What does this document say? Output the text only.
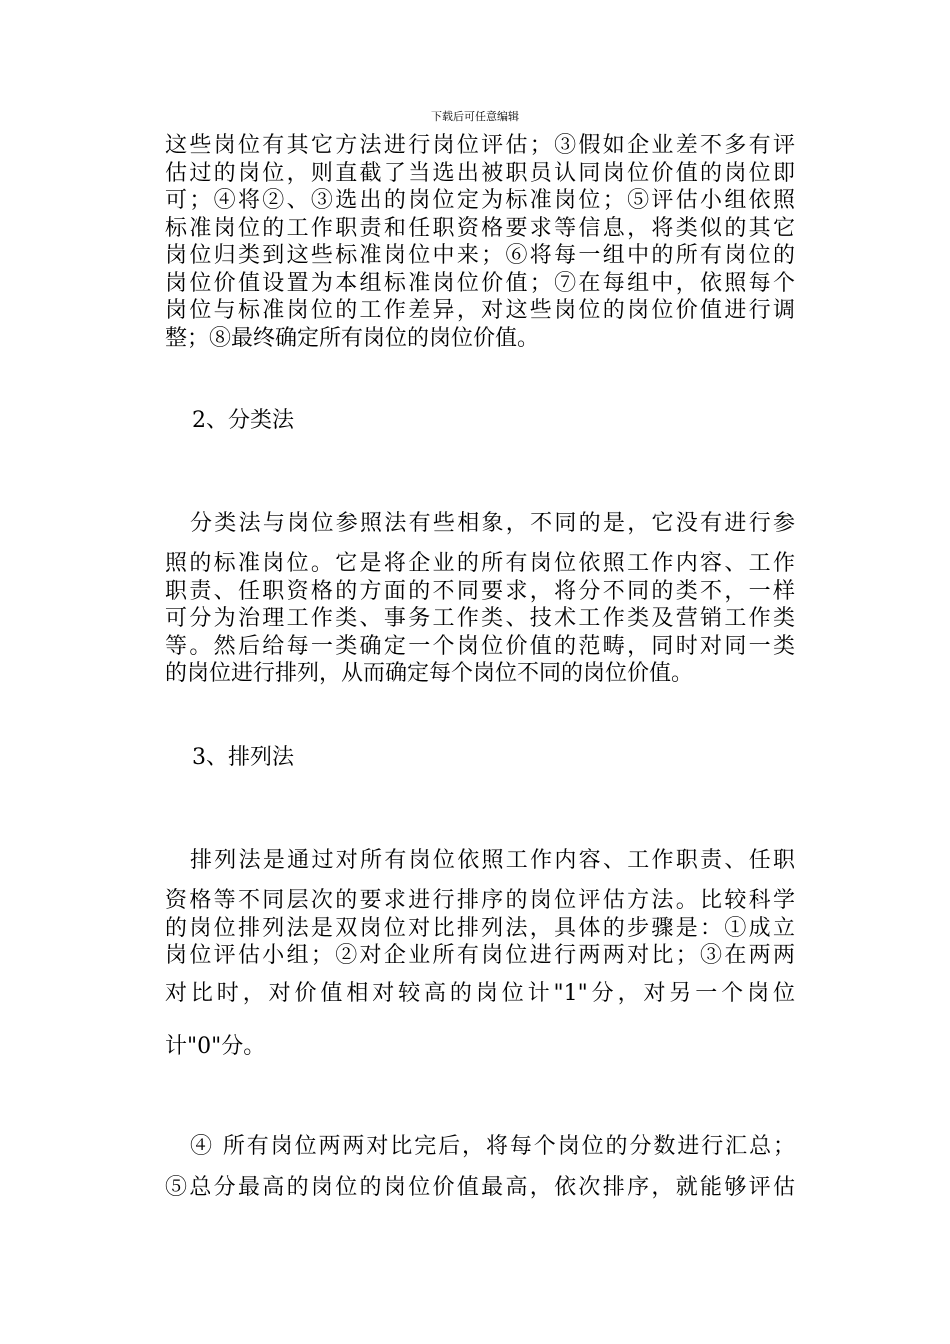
下载后可任意编辑
这些岗位有其它方法进行岗位评估；③假如企业差不多有评
估过的岗位，则直截了当选出被职员认同岗位价值的岗位即
可；④将②、③选出的岗位定为标准岗位；⑤评估小组依照
标准岗位的工作职责和任职资格要求等信息，将类似的其它
岗位归类到这些标准岗位中来；⑥将每一组中的所有岗位的
岗位价值设置为本组标准岗位价值；⑦在每组中，依照每个
岗位与标准岗位的工作差异，对这些岗位的岗位价值进行调
整；⑧最终确定所有岗位的岗位价值。
2、分类法
分类法与岗位参照法有些相象，不同的是，它没有进行参
照的标准岗位。它是将企业的所有岗位依照工作内容、工作
职责、任职资格的方面的不同要求，将分不同的类不，一样
可分为治理工作类、事务工作类、技术工作类及营销工作类
等。然后给每一类确定一个岗位价值的范畴，同时对同一类
的岗位进行排列，从而确定每个岗位不同的岗位价值。
3、排列法
排列法是通过对所有岗位依照工作内容、工作职责、任职
资格等不同层次的要求进行排序的岗位评估方法。比较科学
的岗位排列法是双岗位对比排列法，具体的步骤是：①成立
岗位评估小组；②对企业所有岗位进行两两对比；③在两两
对比时，对价值相对较高的岗位计"1"分，对另一个岗位
计"0"分。
④ 所有岗位两两对比完后，将每个岗位的分数进行汇总；
⑤总分最高的岗位的岗位价值最高，依次排序，就能够评估
